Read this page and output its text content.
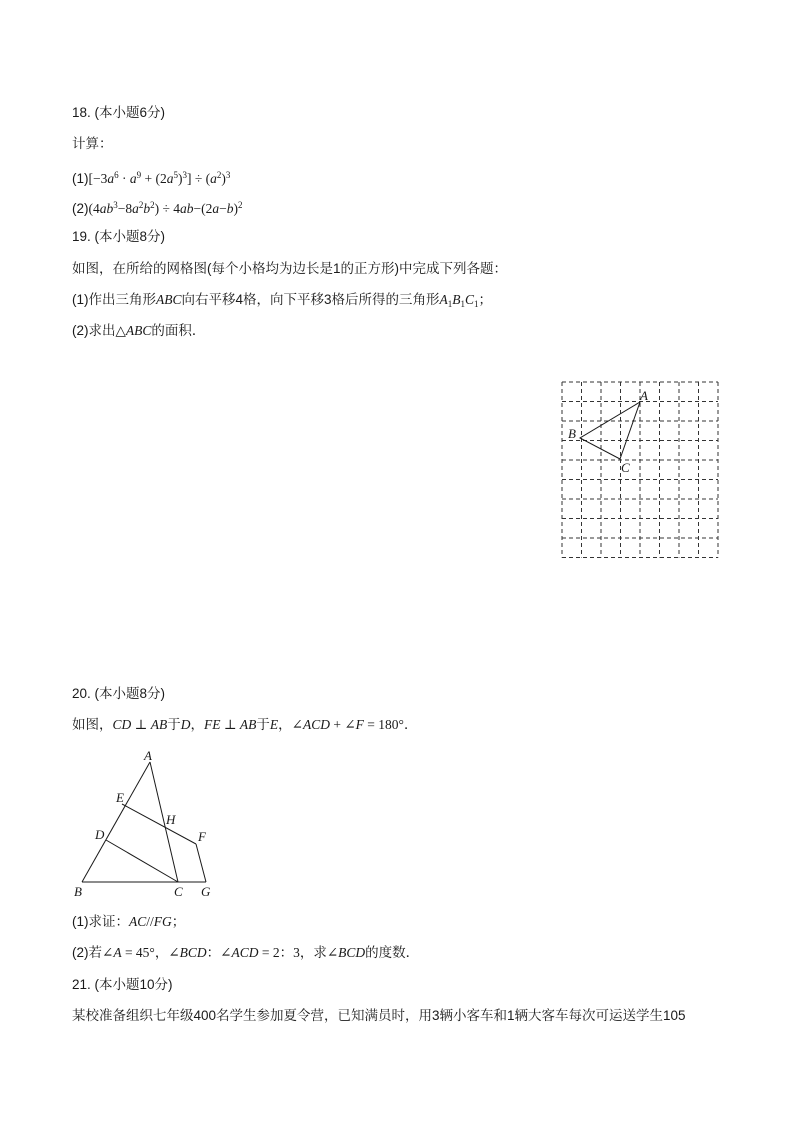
18. (本小题6分)
计算：
$(1)[-3a^6 \cdot a^9 + (2a^5)^3] \div (a^2)^3$
$(2)(4ab^3-8a^2b^2) \div 4ab-(2a-b)^2$
19. (本小题8分)
如图，在所给的网格图(每个小格均为边长是1的正方形)中完成下列各题：
(1)作出三角形ABC向右平移4格，向下平移3格后所得的三角形$A_1B_1C_1$；
(2)求出△ABC的面积．
A
B
C
20. (本小题8分)
如图，CD ⊥ AB于D，FE ⊥ AB于E，∠ACD + ∠F = 180°．
A
E
D
H
F
B	C G
(1)求证：AC//FG；
(2)若∠A = 45°，∠BCD：∠ACD = 2：3，求∠BCD的度数．
21. (本小题10分)
某校准备组织七年级400名学生参加夏令营，已知满员时，用3辆小客车和1辆大客车每次可运送学生105
